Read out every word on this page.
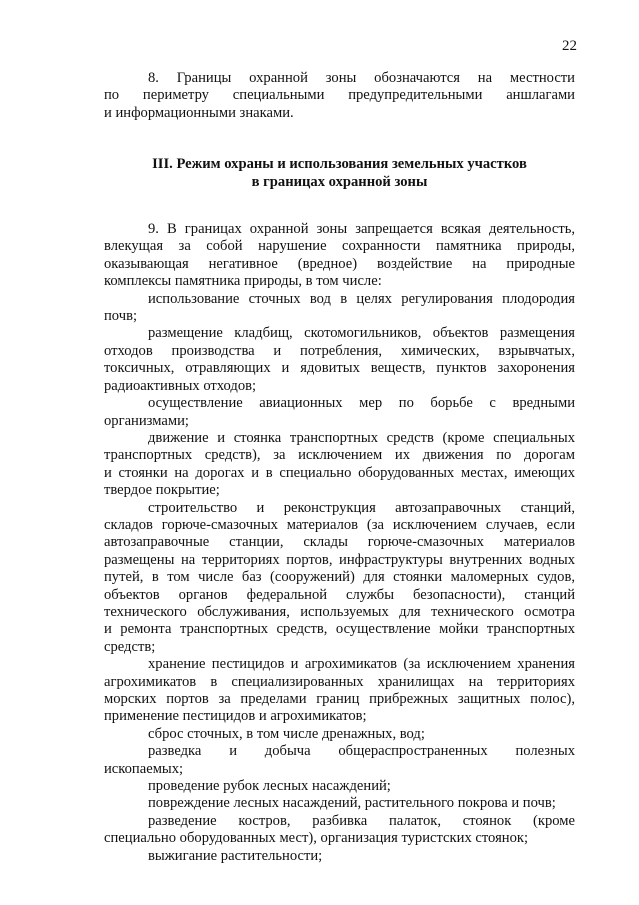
22
8. Границы охранной зоны обозначаются на местности
по периметру специальными предупредительными аншлагами
и информационными знаками.
III. Режим охраны и использования земельных участков
в границах охранной зоны
9. В границах охранной зоны запрещается всякая деятельность,
влекущая за собой нарушение сохранности памятника природы,
оказывающая негативное (вредное) воздействие на природные
комплексы памятника природы, в том числе:
использование сточных вод в целях регулирования плодородия
почв;
размещение кладбищ, скотомогильников, объектов размещения
отходов производства и потребления, химических, взрывчатых,
токсичных, отравляющих и ядовитых веществ, пунктов захоронения
радиоактивных отходов;
осуществление авиационных мер по борьбе с вредными
организмами;
движение и стоянка транспортных средств (кроме специальных
транспортных средств), за исключением их движения по дорогам
и стоянки на дорогах и в специально оборудованных местах, имеющих
твердое покрытие;
строительство и реконструкция автозаправочных станций,
складов горюче-смазочных материалов (за исключением случаев, если
автозаправочные станции, склады горюче-смазочных материалов
размещены на территориях портов, инфраструктуры внутренних водных
путей, в том числе баз (сооружений) для стоянки маломерных судов,
объектов органов федеральной службы безопасности), станций
технического обслуживания, используемых для технического осмотра
и ремонта транспортных средств, осуществление мойки транспортных
средств;
хранение пестицидов и агрохимикатов (за исключением хранения
агрохимикатов в специализированных хранилищах на территориях
морских портов за пределами границ прибрежных защитных полос),
применение пестицидов и агрохимикатов;
сброс сточных, в том числе дренажных, вод;
разведка и добыча общераспространенных полезных
ископаемых;
проведение рубок лесных насаждений;
повреждение лесных насаждений, растительного покрова и почв;
разведение костров, разбивка палаток, стоянок (кроме
специально оборудованных мест), организация туристских стоянок;
выжигание растительности;
